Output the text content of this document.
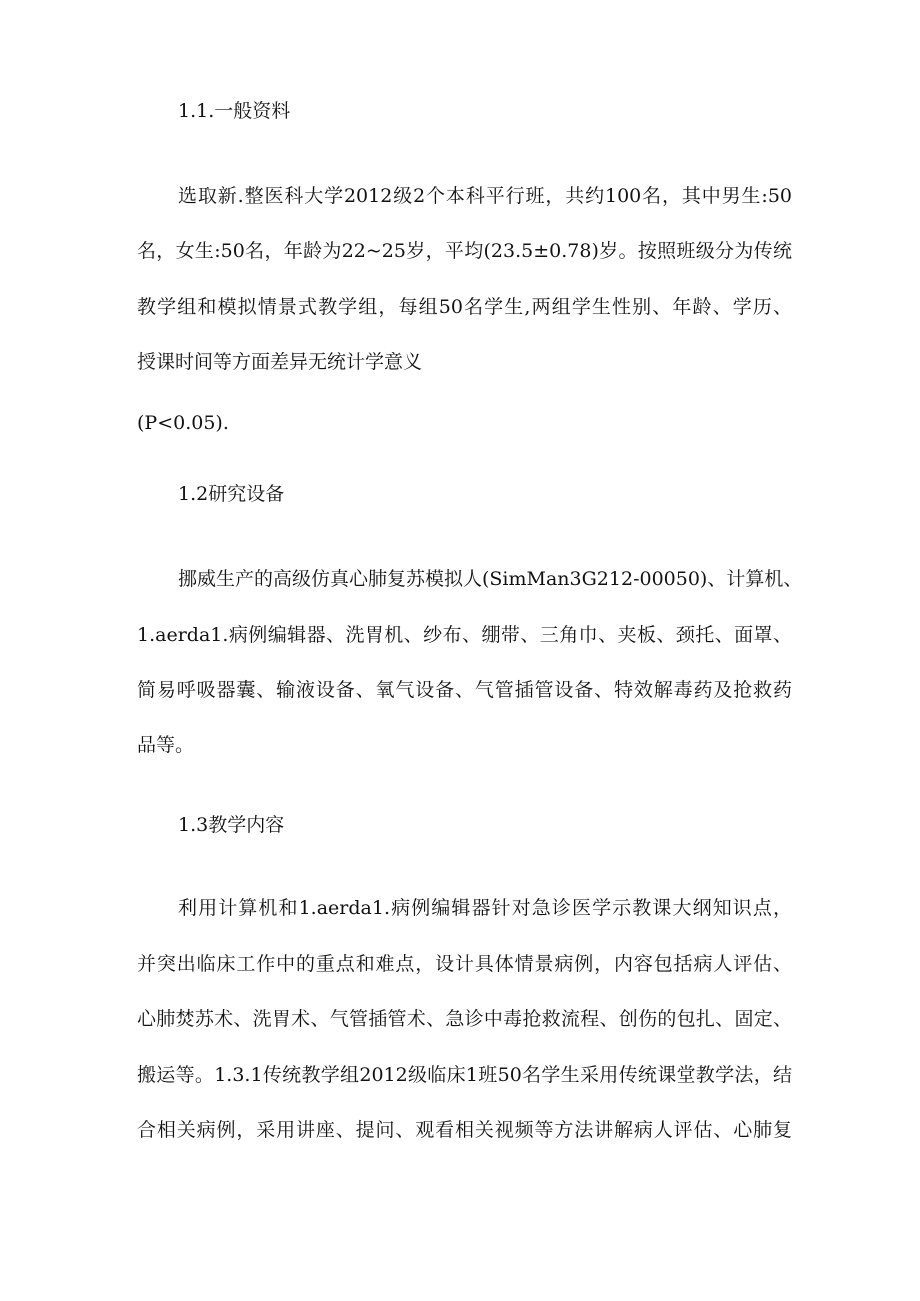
1.1.一般资料
选取新.整医科大学2012级2个本科平行班，共约100名，其中男生:50
名，女生:50名，年龄为22~25岁，平均(23.5±0.78)岁。按照班级分为传统
教学组和模拟情景式教学组，每组50名学生,两组学生性别、年龄、学历、
授课时间等方面差异无统计学意义
(P<0.05).
1.2研究设备
挪威生产的高级仿真心肺复苏模拟人(SimMan3G212-00050)、计算机、
1.aerda1.病例编辑器、洗胃机、纱布、绷带、三角巾、夹板、颈托、面罩、
简易呼吸器囊、输液设备、氧气设备、气管插管设备、特效解毒药及抢救药
品等。
1.3教学内容
利用计算机和1.aerda1.病例编辑器针对急诊医学示教课大纲知识点，
并突出临床工作中的重点和难点，设计具体情景病例，内容包括病人评估、
心肺焚苏术、洗胃术、气管插管术、急诊中毒抢救流程、创伤的包扎、固定、
搬运等。1.3.1传统教学组2012级临床1班50名学生采用传统课堂教学法，结
合相关病例，采用讲座、提问、观看相关视频等方法讲解病人评估、心肺复
